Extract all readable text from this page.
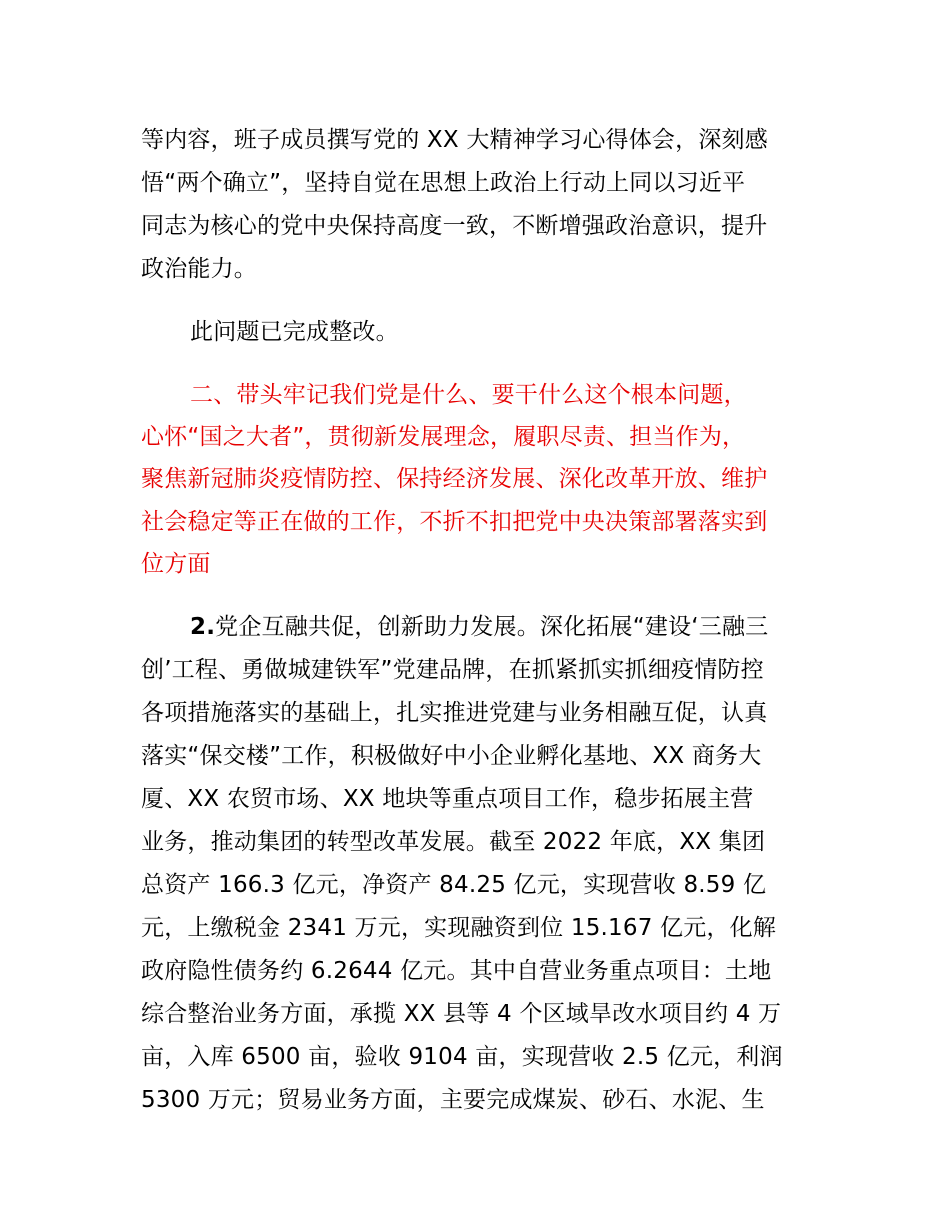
等内容，班子成员撰写党的 XX 大精神学习心得体会，深刻感
悟“两个确立”，坚持自觉在思想上政治上行动上同以习近平
同志为核心的党中央保持高度一致，不断增强政治意识，提升
政治能力。
此问题已完成整改。
二、带头牢记我们党是什么、要干什么这个根本问题，
心怀“国之大者”，贯彻新发展理念，履职尽责、担当作为，
聚焦新冠肺炎疫情防控、保持经济发展、深化改革开放、维护
社会稳定等正在做的工作，不折不扣把党中央决策部署落实到
位方面
2.党企互融共促，创新助力发展。深化拓展“建设‘三融三
创’工程、勇做城建铁军”党建品牌，在抓紧抓实抓细疫情防控
各项措施落实的基础上，扎实推进党建与业务相融互促，认真
落实“保交楼”工作，积极做好中小企业孵化基地、XX 商务大
厦、XX 农贸市场、XX 地块等重点项目工作，稳步拓展主营
业务，推动集团的转型改革发展。截至 2022 年底，XX 集团
总资产 166.3 亿元，净资产 84.25 亿元，实现营收 8.59 亿
元，上缴税金 2341 万元，实现融资到位 15.167 亿元，化解
政府隐性债务约 6.2644 亿元。其中自营业务重点项目：土地
综合整治业务方面，承揽 XX 县等 4 个区域旱改水项目约 4 万
亩，入库 6500 亩，验收 9104 亩，实现营收 2.5 亿元，利润
5300 万元；贸易业务方面，主要完成煤炭、砂石、水泥、生
